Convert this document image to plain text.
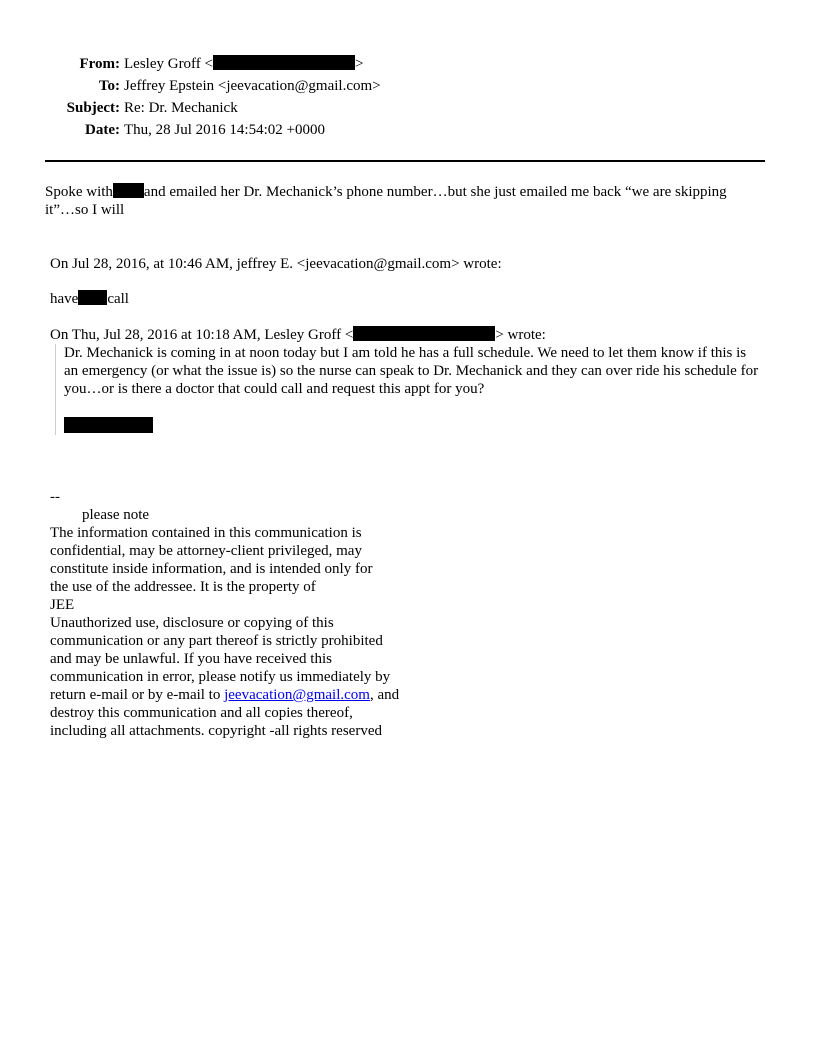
From: Lesley Groff <	>
To: Jeffrey Epstein <jeevacation@gmail.com>
Subject: Re: Dr. Mechanick
Date: Thu, 28 Jul 2016 14:54:02 +0000
Spoke with and emailed her Dr. Mechanick’s phone number…but she just emailed me back “we are skipping it”…so I will
On Jul 28, 2016, at 10:46 AM, jeffrey E. <jeevacation@gmail.com> wrote:
have call
On Thu, Jul 28, 2016 at 10:18 AM, Lesley Groff <	> wrote:

Dr. Mechanick is coming in at noon today but I am told he has a full schedule. We need to let them know if this is an emergency (or what the issue is) so the nurse can speak to Dr. Mechanick and they can over ride his schedule for you…or is there a doctor that could call and request this appt for you?

--
please note
The information contained in this communication is
confidential, may be attorney-client privileged, may
constitute inside information, and is intended only for
the use of the addressee. It is the property of
JEE
Unauthorized use, disclosure or copying of this
communication or any part thereof is strictly prohibited
and may be unlawful. If you have received this
communication in error, please notify us immediately by
return e-mail or by e-mail to jeevacation@gmail.com, and
destroy this communication and all copies thereof,
including all attachments. copyright -all rights reserved
